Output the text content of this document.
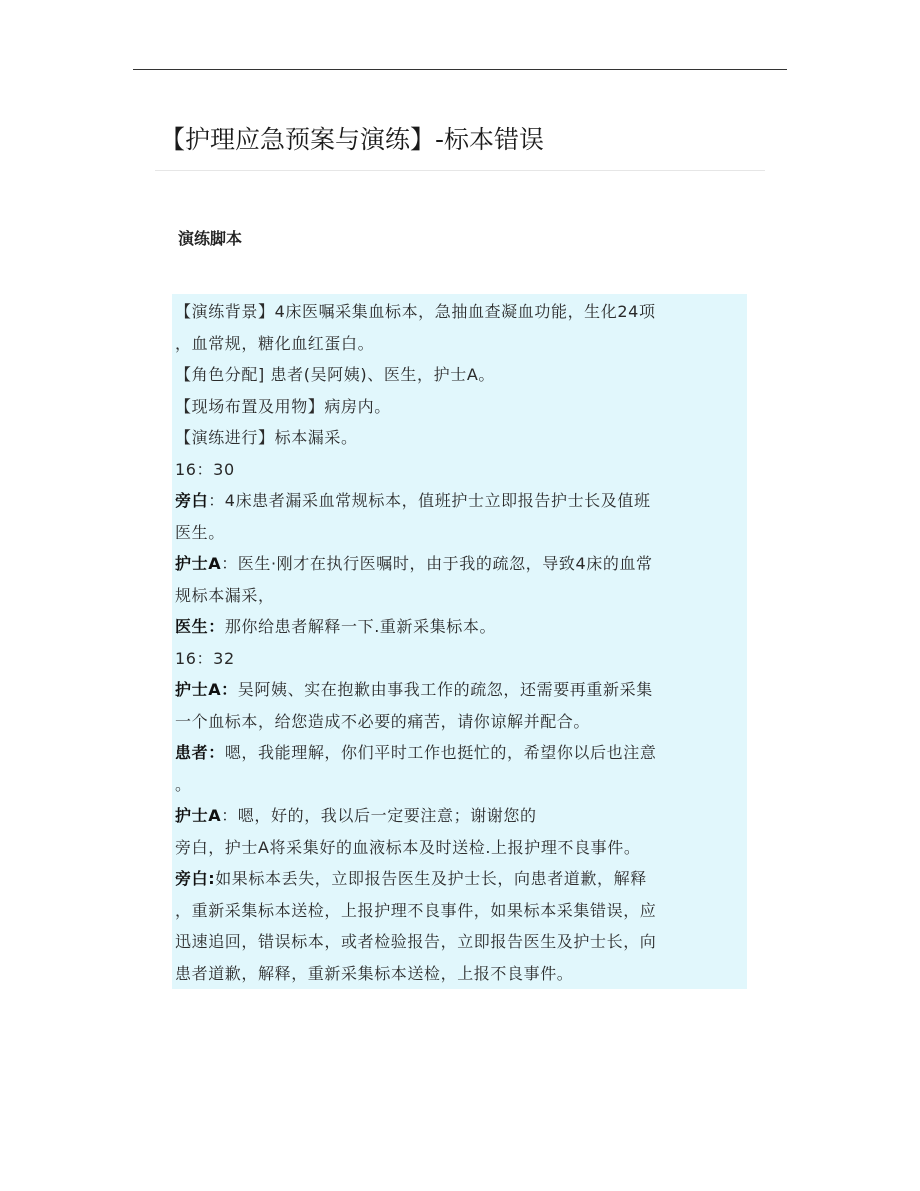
【护理应急预案与演练】-标本错误
演练脚本
【演练背景】4床医嘱采集血标本，急抽血查凝血功能，生化24项
，血常规，糖化血红蛋白。
【角色分配] 患者(吴阿姨)、医生，护士A。
【现场布置及用物】病房内。
【演练进行】标本漏采。
16：30
旁白：4床患者漏采血常规标本，值班护士立即报告护士长及值班
医生。
护士A：医生·刚才在执行医嘱时，由于我的疏忽，导致4床的血常
规标本漏采，
医生：那你给患者解释一下.重新采集标本。
16：32
护士A：吴阿姨、实在抱歉由事我工作的疏忽，还需要再重新采集
一个血标本，给您造成不必要的痛苦，请你谅解并配合。
患者：嗯，我能理解，你们平时工作也挺忙的，希望你以后也注意
。
护士A：嗯，好的，我以后一定要注意；谢谢您的
旁白，护士A将采集好的血液标本及时送检.上报护理不良事件。
旁白:如果标本丢失，立即报告医生及护士长，向患者道歉，解释
，重新采集标本送检，上报护理不良事件，如果标本采集错误，应
迅速追回，错误标本，或者检验报告，立即报告医生及护士长，向
患者道歉，解释，重新采集标本送检，上报不良事件。
